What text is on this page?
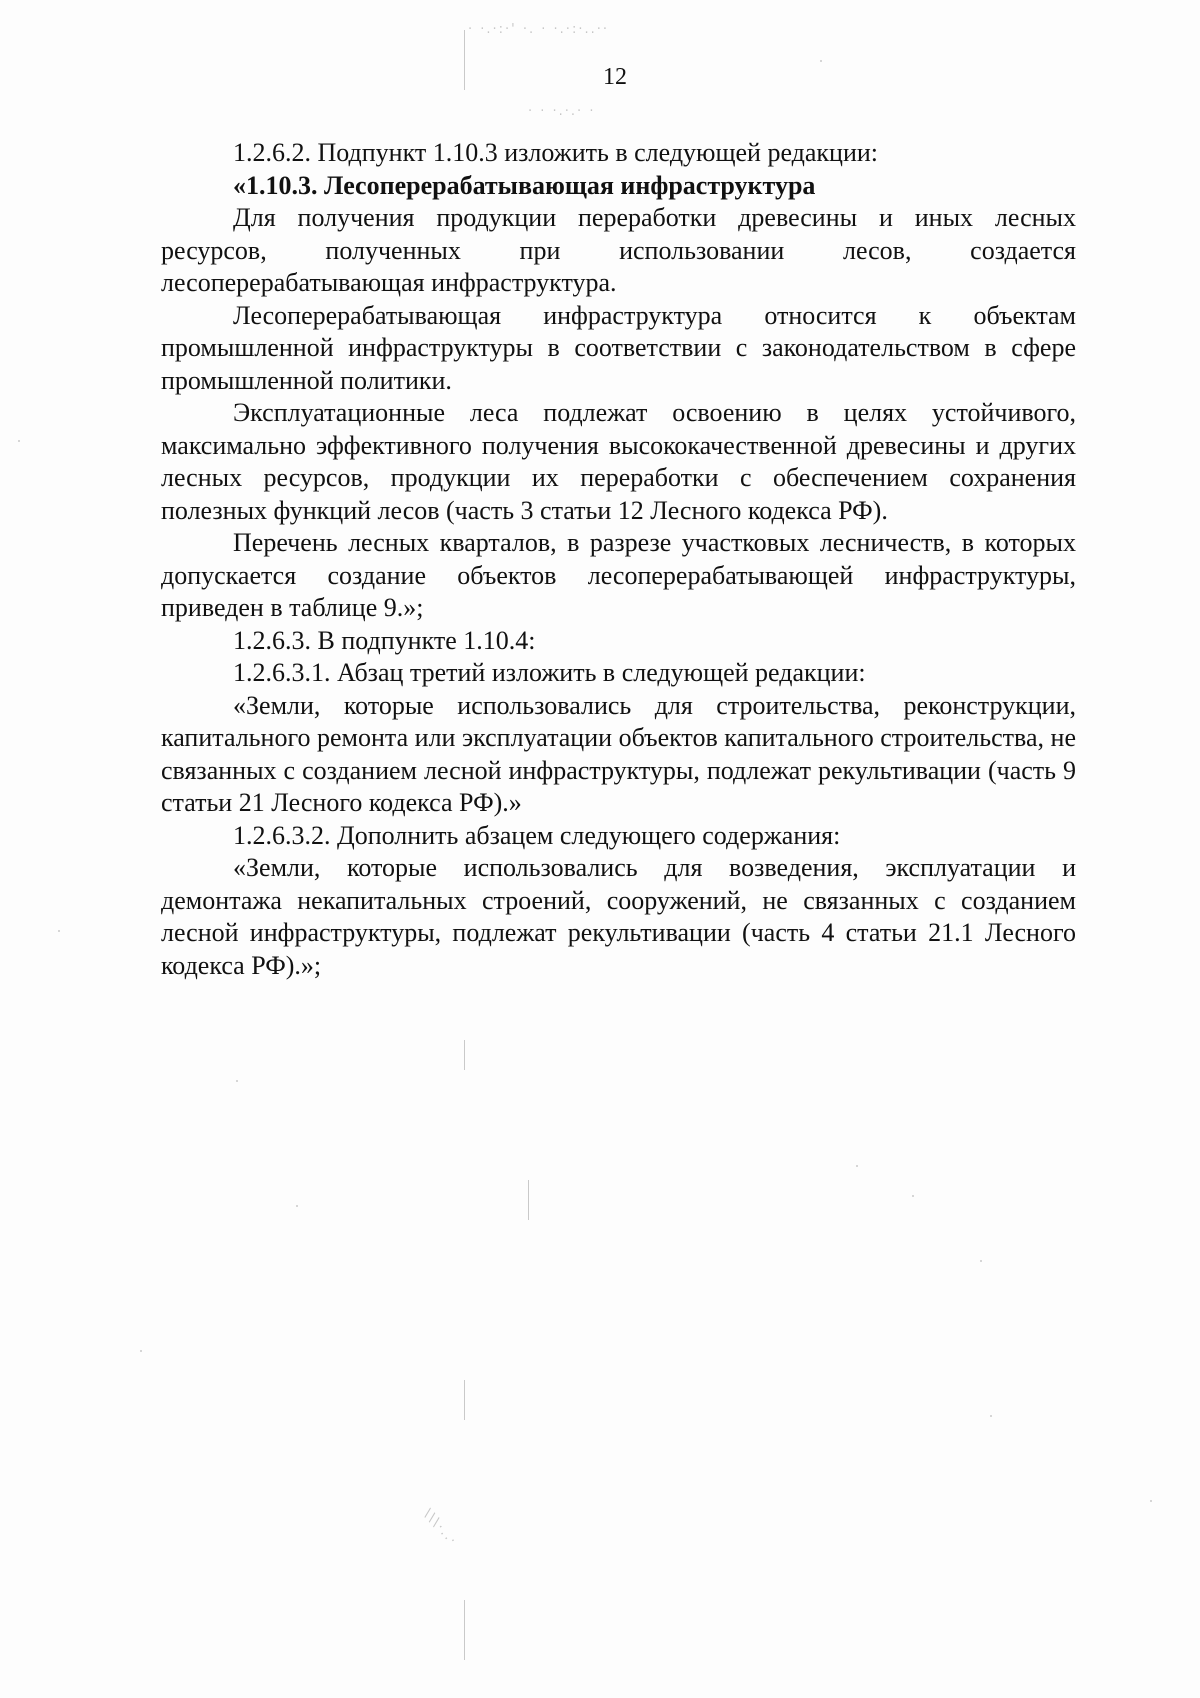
· ·.·:·' ·. · ·.·:·..··
· · ·.·.· ·
\\\·..·
12

1.2.6.2. Подпункт 1.10.3 изложить в следующей редакции:

«1.10.3. Лесоперерабатывающая инфраструктура

Для получения продукции переработки древесины и иных лесных ресурсов, полученных при использовании лесов, создается лесоперерабатывающая инфраструктура.

Лесоперерабатывающая инфраструктура относится к объектам промышленной инфраструктуры в соответствии с законодательством в сфере промышленной политики.

Эксплуатационные леса подлежат освоению в целях устойчивого, максимально эффективного получения высококачественной древесины и других лесных ресурсов, продукции их переработки с обеспечением сохранения полезных функций лесов (часть 3 статьи 12 Лесного кодекса РФ).

Перечень лесных кварталов, в разрезе участковых лесничеств, в которых допускается создание объектов лесоперерабатывающей инфраструктуры, приведен в таблице 9.»;

1.2.6.3. В подпункте 1.10.4:

1.2.6.3.1. Абзац третий изложить в следующей редакции:

«Земли, которые использовались для строительства, реконструкции, капитального ремонта или эксплуатации объектов капитального строительства, не связанных с созданием лесной инфраструктуры, подлежат рекультивации (часть 9 статьи 21 Лесного кодекса РФ).»

1.2.6.3.2. Дополнить абзацем следующего содержания:

«Земли, которые использовались для возведения, эксплуатации и демонтажа некапитальных строений, сооружений, не связанных с созданием лесной инфраструктуры, подлежат рекультивации (часть 4 статьи 21.1 Лесного кодекса РФ).»;
